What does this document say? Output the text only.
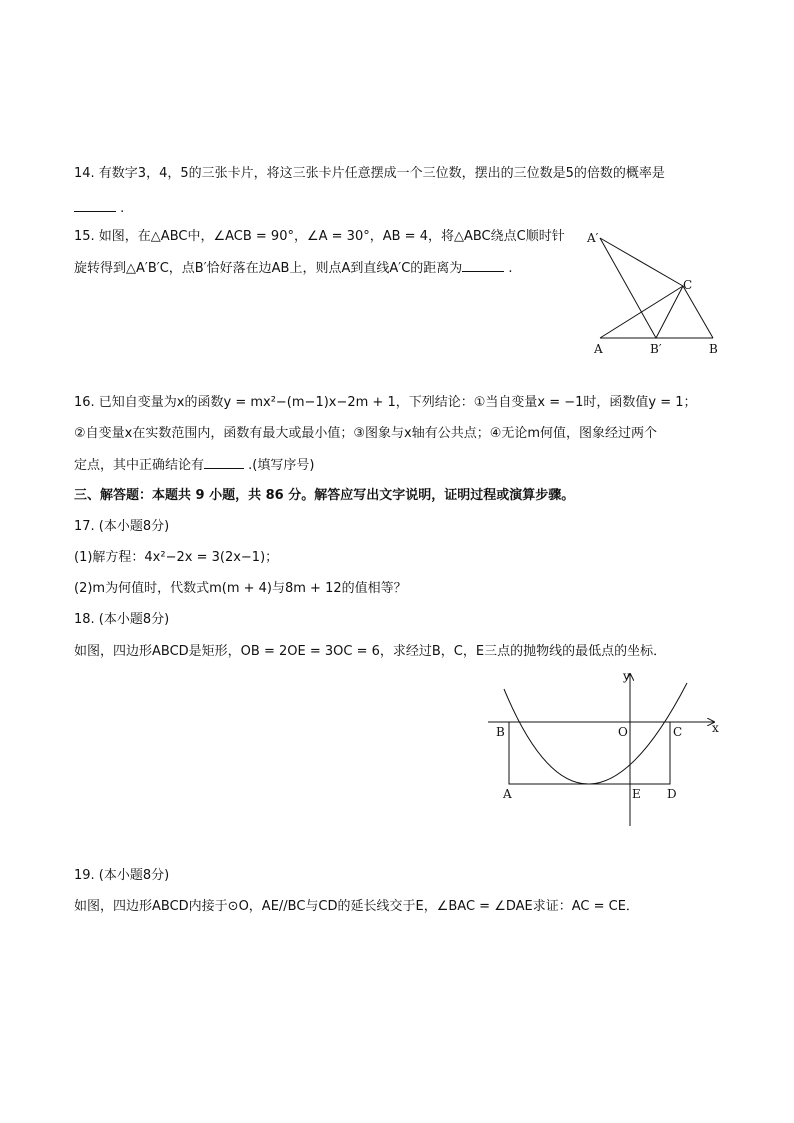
14. 有数字3，4，5的三张卡片，将这三张卡片任意摆成一个三位数，摆出的三位数是5的倍数的概率是
.
15. 如图，在△ABC中，∠ACB = 90°，∠A = 30°，AB = 4，将△ABC绕点C顺时针
旋转得到△A′B′C，点B′恰好落在边AB上，则点A到直线A′C的距离为	.
A′
C
A	B′	B
16. 已知自变量为x的函数y = mx²−(m−1)x−2m + 1，下列结论：①当自变量x = −1时，函数值y = 1；
②自变量x在实数范围内，函数有最大或最小值；③图象与x轴有公共点；④无论m何值，图象经过两个
定点，其中正确结论有	.(填写序号)
三、解答题：本题共 9 小题，共 86 分。解答应写出文字说明，证明过程或演算步骤。
17. (本小题8分)
(1)解方程：4x²−2x = 3(2x−1)；
(2)m为何值时，代数式m(m + 4)与8m + 12的值相等？
18. (本小题8分)
如图，四边形ABCD是矩形，OB = 2OE = 3OC = 6，求经过B，C，E三点的抛物线的最低点的坐标．
y
B	O	C x
A	E D
19. (本小题8分)
如图，四边形ABCD内接于⊙O，AE//BC与CD的延长线交于E，∠BAC = ∠DAE求证：AC = CE．
